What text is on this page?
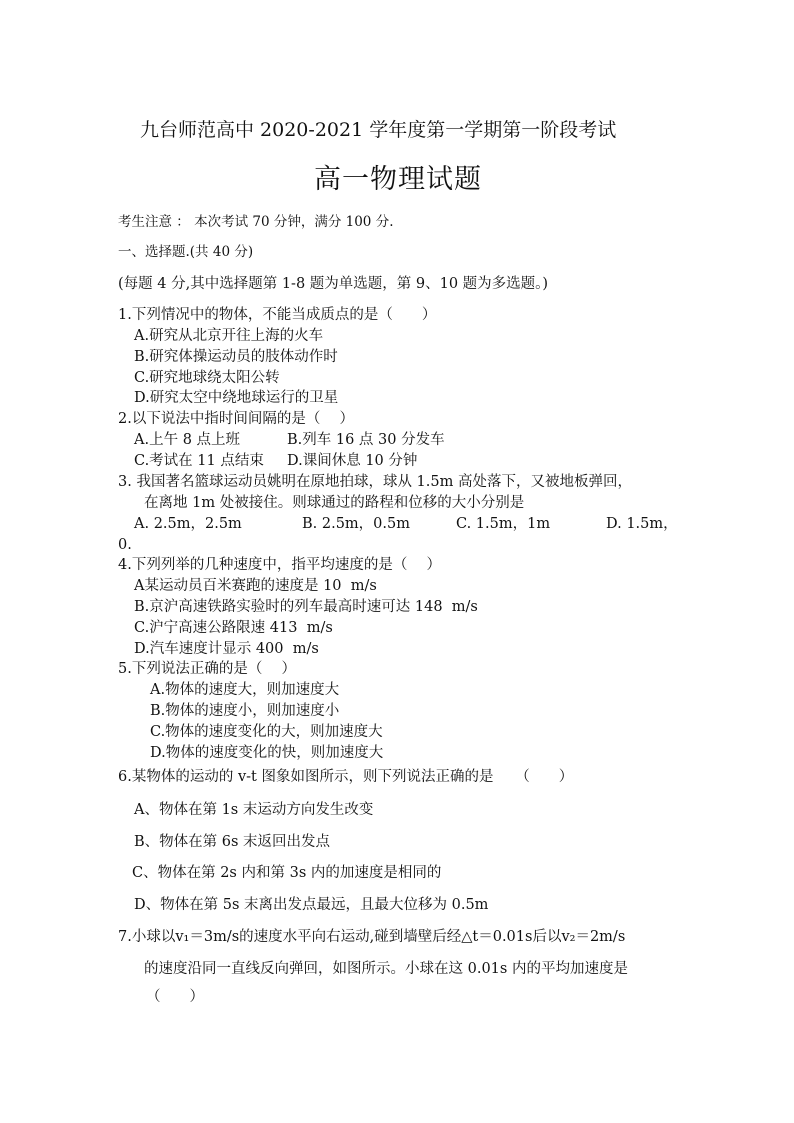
九台师范高中 2020-2021 学年度第一学期第一阶段考试
高一物理试题
考生注意 ： 本次考试 70 分钟，满分 100 分.
一、选择题.(共 40 分)
(每题 4 分,其中选择题第 1-8 题为单选题，第 9、10 题为多选题。)
1.下列情况中的物体，不能当成质点的是（　　）
A.研究从北京开往上海的火车
B.研究体操运动员的肢体动作时
C.研究地球绕太阳公转
D.研究太空中绕地球运行的卫星
2.以下说法中指时间间隔的是（　 ）
A.上午 8 点上班	B.列车 16 点 30 分发车
C.考试在 11 点结束 D.课间休息 10 分钟
3. 我国著名篮球运动员姚明在原地拍球，球从 1.5m 高处落下，又被地板弹回，
在离地 1m 处被接住。则球通过的路程和位移的大小分别是
A. 2.5m，2.5m	B. 2.5m，0.5m	C. 1.5m，1m	D. 1.5m，
0.
4.下列列举的几种速度中，指平均速度的是（　 ）
A某运动员百米赛跑的速度是 10  m/s
B.京沪高速铁路实验时的列车最高时速可达 148  m/s
C.沪宁高速公路限速 413  m/s
D.汽车速度计显示 400  m/s
5.下列说法正确的是（　 ）
A.物体的速度大，则加速度大
B.物体的速度小，则加速度小
C.物体的速度变化的大，则加速度大
D.物体的速度变化的快，则加速度大
6.某物体的运动的 v-t 图象如图所示，则下列说法正确的是　　（　　）
A、物体在第 1s 末运动方向发生改变
B、物体在第 6s 末返回出发点
C、物体在第 2s 内和第 3s 内的加速度是相同的
D、物体在第 5s 末离出发点最远，且最大位移为 0.5m
7.小球以v₁＝3m/s的速度水平向右运动,碰到墙壁后经△t＝0.01s后以v₂＝2m/s
的速度沿同一直线反向弹回，如图所示。小球在这 0.01s 内的平均加速度是
（　　）
